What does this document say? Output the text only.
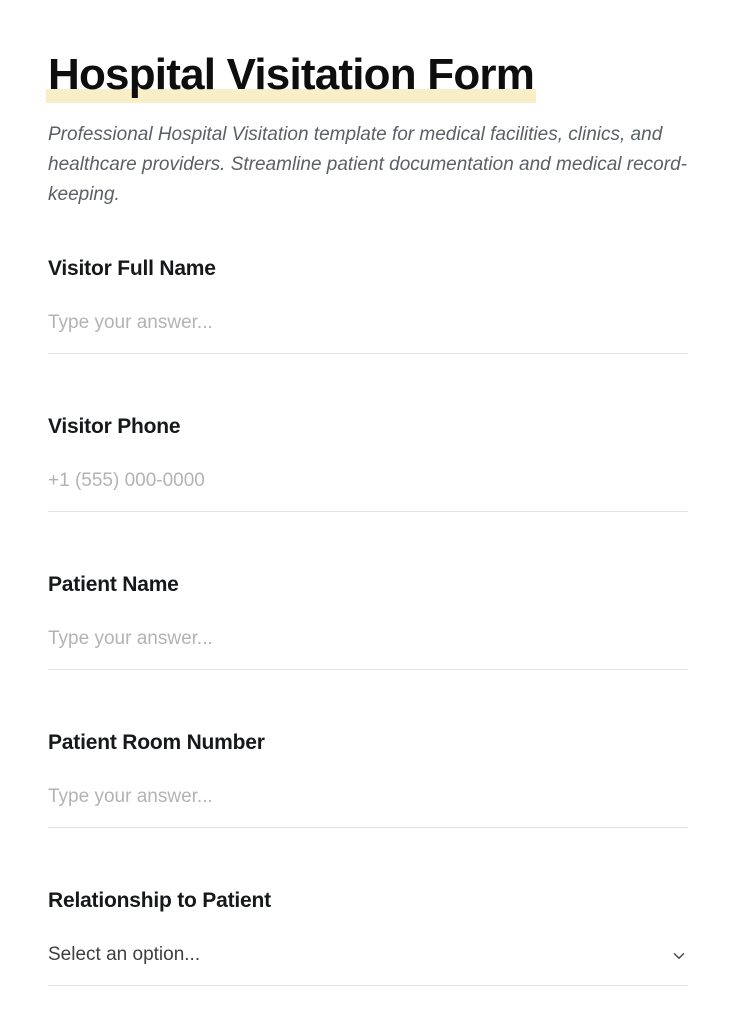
Hospital Visitation Form

Professional Hospital Visitation template for medical facilities, clinics, and healthcare providers. Streamline patient documentation and medical record-keeping.

Visitor Full Name
Type your answer...
Visitor Phone
+1 (555) 000-0000
Patient Name
Type your answer...
Patient Room Number
Type your answer...
Relationship to Patient
Select an option...
